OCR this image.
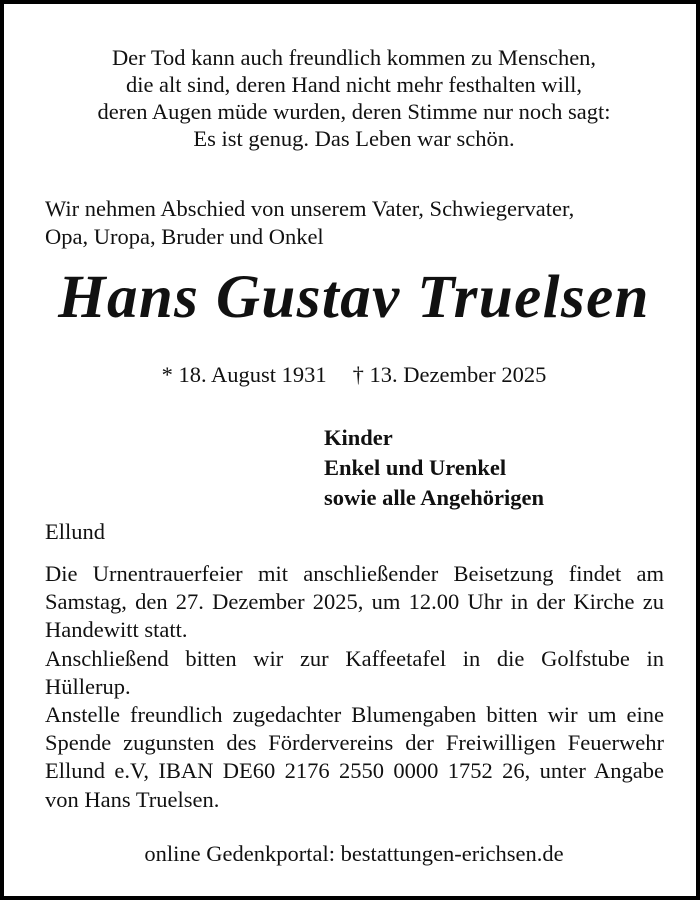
Der Tod kann auch freundlich kommen zu Menschen,
die alt sind, deren Hand nicht mehr festhalten will,
deren Augen müde wurden, deren Stimme nur noch sagt:
Es ist genug. Das Leben war schön.
Wir nehmen Abschied von unserem Vater, Schwiegervater,
Opa, Uropa, Bruder und Onkel
Hans Gustav Truelsen
* 18. August 1931 † 13. Dezember 2025
Kinder
Enkel und Urenkel
sowie alle Angehörigen
Ellund
Die Urnentrauerfeier mit anschließender Beisetzung findet am Samstag, den 27. Dezember 2025, um 12.00 Uhr in der Kirche zu Handewitt statt.
Anschließend bitten wir zur Kaffeetafel in die Golfstube in Hüllerup.
Anstelle freundlich zugedachter Blumengaben bitten wir um eine Spende zugunsten des Fördervereins der Freiwilligen Feuerwehr Ellund e.V, IBAN DE60 2176 2550 0000 1752 26, unter Angabe von Hans Truelsen.
online Gedenkportal: bestattungen-erichsen.de
